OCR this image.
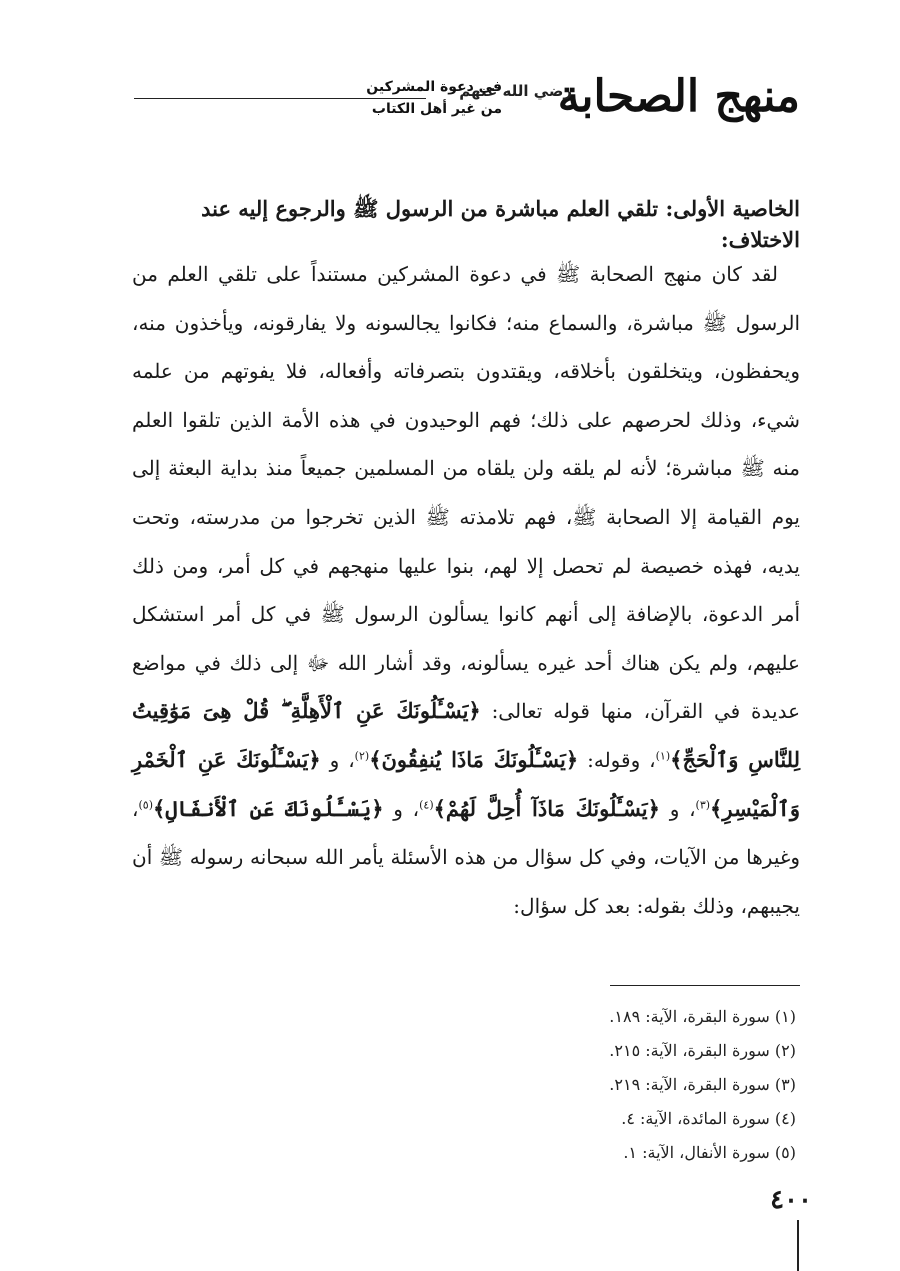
منهج الصحابة
رضي الله عنهم
في دعوة المشركين
من غير أهل الكتاب
الخاصية الأولى: تلقي العلم مباشرة من الرسول ﷺ والرجوع إليه عند الاختلاف:

لقد كان منهج الصحابة ﷺ في دعوة المشركين مستنداً على تلقي العلم من الرسول ﷺ مباشرة، والسماع منه؛ فكانوا يجالسونه ولا يفارقونه، ويأخذون منه، ويحفظون، ويتخلقون بأخلاقه، ويقتدون بتصرفاته وأفعاله، فلا يفوتهم من علمه شيء، وذلك لحرصهم على ذلك؛ فهم الوحيدون في هذه الأمة الذين تلقوا العلم منه ﷺ مباشرة؛ لأنه لم يلقه ولن يلقاه من المسلمين جميعاً منذ بداية البعثة إلى يوم القيامة إلا الصحابة ﷺ، فهم تلامذته ﷺ الذين تخرجوا من مدرسته، وتحت يديه، فهذه خصيصة لم تحصل إلا لهم، بنوا عليها منهجهم في كل أمر، ومن ذلك أمر الدعوة، بالإضافة إلى أنهم كانوا يسألون الرسول ﷺ في كل أمر استشكل عليهم، ولم يكن هناك أحد غيره يسألونه، وقد أشار الله ﷻ إلى ذلك في مواضع عديدة في القرآن، منها قوله تعالى: ﴿يَسْـَٔلُونَكَ عَنِ ٱلْأَهِلَّةِ ۖ قُلْ هِىَ مَوَٰقِيتُ لِلنَّاسِ وَٱلْحَجِّ﴾$^{(١)}$، وقوله: ﴿يَسْـَٔلُونَكَ مَاذَا يُنفِقُونَ﴾$^{(٢)}$، و ﴿يَسْـَٔلُونَكَ عَنِ ٱلْخَمْرِ وَٱلْمَيْسِرِ﴾$^{(٣)}$، و ﴿يَسْـَٔلُونَكَ مَاذَآ أُحِلَّ لَهُمْ﴾$^{(٤)}$، و ﴿يَسْـَٔلُونَكَ عَنِ ٱلْأَنفَالِ﴾$^{(٥)}$، وغيرها من الآيات، وفي كل سؤال من هذه الأسئلة يأمر الله سبحانه رسوله ﷺ أن يجيبهم، وذلك بقوله: بعد كل سؤال:

(١) سورة البقرة، الآية: ١٨٩.
(٢) سورة البقرة، الآية: ٢١٥.
(٣) سورة البقرة، الآية: ٢١٩.
(٤) سورة المائدة، الآية: ٤.
(٥) سورة الأنفال، الآية: ١.
٤٠٠
